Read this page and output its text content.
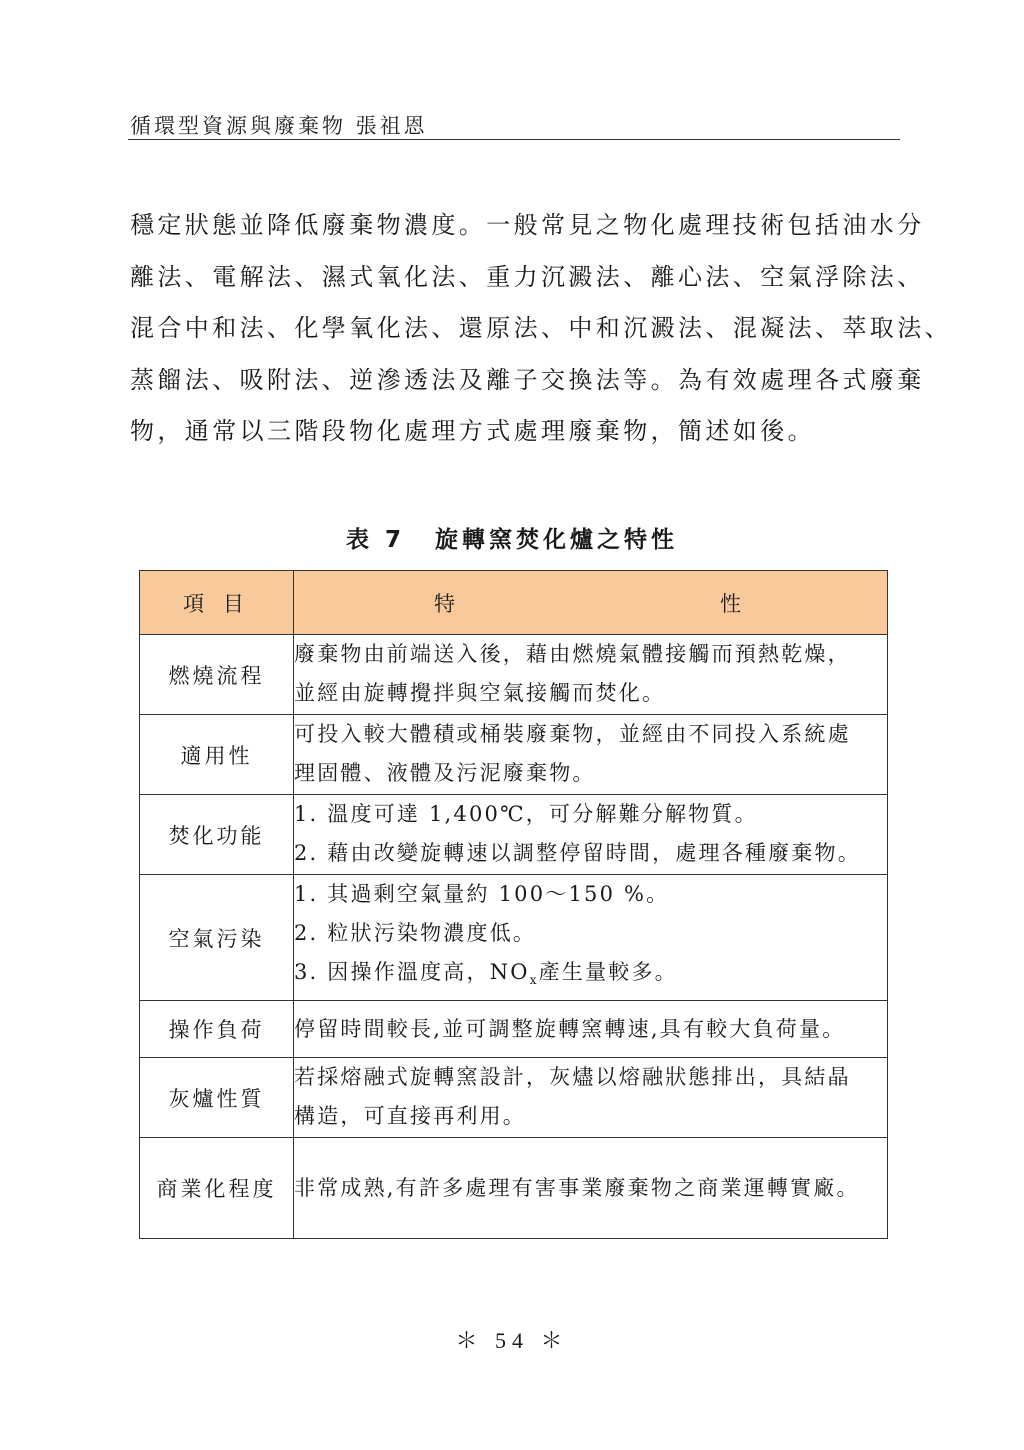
循環型資源與廢棄物 張祖恩

穩定狀態並降低廢棄物濃度。一般常見之物化處理技術包括油水分
離法、電解法、濕式氧化法、重力沉澱法、離心法、空氣浮除法、
混合中和法、化學氧化法、還原法、中和沉澱法、混凝法、萃取法、
蒸餾法、吸附法、逆滲透法及離子交換法等。為有效處理各式廢棄
物，通常以三階段物化處理方式處理廢棄物，簡述如後。

表 7 旋轉窯焚化爐之特性
項 目	特 性

燃燒流程	廢棄物由前端送入後，藉由燃燒氣體接觸而預熱乾燥，
並經由旋轉攪拌與空氣接觸而焚化。

適用性	可投入較大體積或桶裝廢棄物，並經由不同投入系統處
理固體、液體及污泥廢棄物。

焚化功能	1. 溫度可達 1,400℃，可分解難分解物質。
2. 藉由改變旋轉速以調整停留時間，處理各種廢棄物。

空氣污染	1. 其過剩空氣量約 100～150 %。
2. 粒狀污染物濃度低。
3. 因操作溫度高，$NO_x$產生量較多。

操作負荷	停留時間較長,並可調整旋轉窯轉速,具有較大負荷量。

灰爐性質	若採熔融式旋轉窯設計，灰燼以熔融狀態排出，具結晶
構造，可直接再利用。

商業化程度	非常成熟,有許多處理有害事業廢棄物之商業運轉實廠。
＊ 54 ＊
